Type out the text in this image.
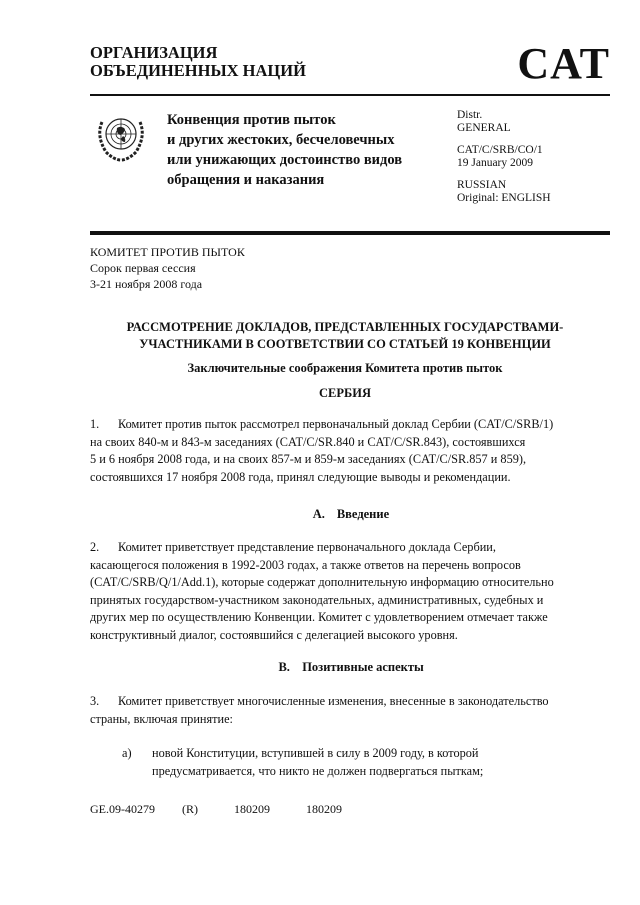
ОРГАНИЗАЦИЯ
ОБЪЕДИНЕННЫХ НАЦИЙ	CAT
Конвенция против пыток
и других жестоких, бесчеловечных
или унижающих достоинство видов
обращения и наказания

Distr.
GENERAL

CAT/C/SRB/CO/1
19 January 2009

RUSSIAN
Original: ENGLISH

КОМИТЕТ ПРОТИВ ПЫТОК
Сорок первая сессия
3-21 ноября 2008 года
РАССМОТРЕНИЕ ДОКЛАДОВ, ПРЕДСТАВЛЕННЫХ ГОСУДАРСТВАМИ-
УЧАСТНИКАМИ В СООТВЕТСТВИИ СО СТАТЬЕЙ 19 КОНВЕНЦИИ
Заключительные соображения Комитета против пыток
СЕРБИЯ
1. Комитет против пыток рассмотрел первоначальный доклад Сербии (CAT/C/SRB/1)
на своих 840-м и 843-м заседаниях (CAT/C/SR.840 и CAT/C/SR.843), состоявшихся
5 и 6 ноября 2008 года, и на своих 857-м и 859-м заседаниях (CAT/C/SR.857 и 859),
состоявшихся 17 ноября 2008 года, принял следующие выводы и рекомендации.
A. Введение
2. Комитет приветствует представление первоначального доклада Сербии,
касающегося положения в 1992-2003 годах, а также ответов на перечень вопросов
(CAT/C/SRB/Q/1/Add.1), которые содержат дополнительную информацию относительно
принятых государством-участником законодательных, административных, судебных и
других мер по осуществлению Конвенции. Комитет с удовлетворением отмечает также
конструктивный диалог, состоявшийся с делегацией высокого уровня.
B. Позитивные аспекты
3. Комитет приветствует многочисленные изменения, внесенные в законодательство
страны, включая принятие:
a) новой Конституции, вступившей в силу в 2009 году, в которой
предусматривается, что никто не должен подвергаться пыткам;
GE.09-40279   (R)    180209    180209
